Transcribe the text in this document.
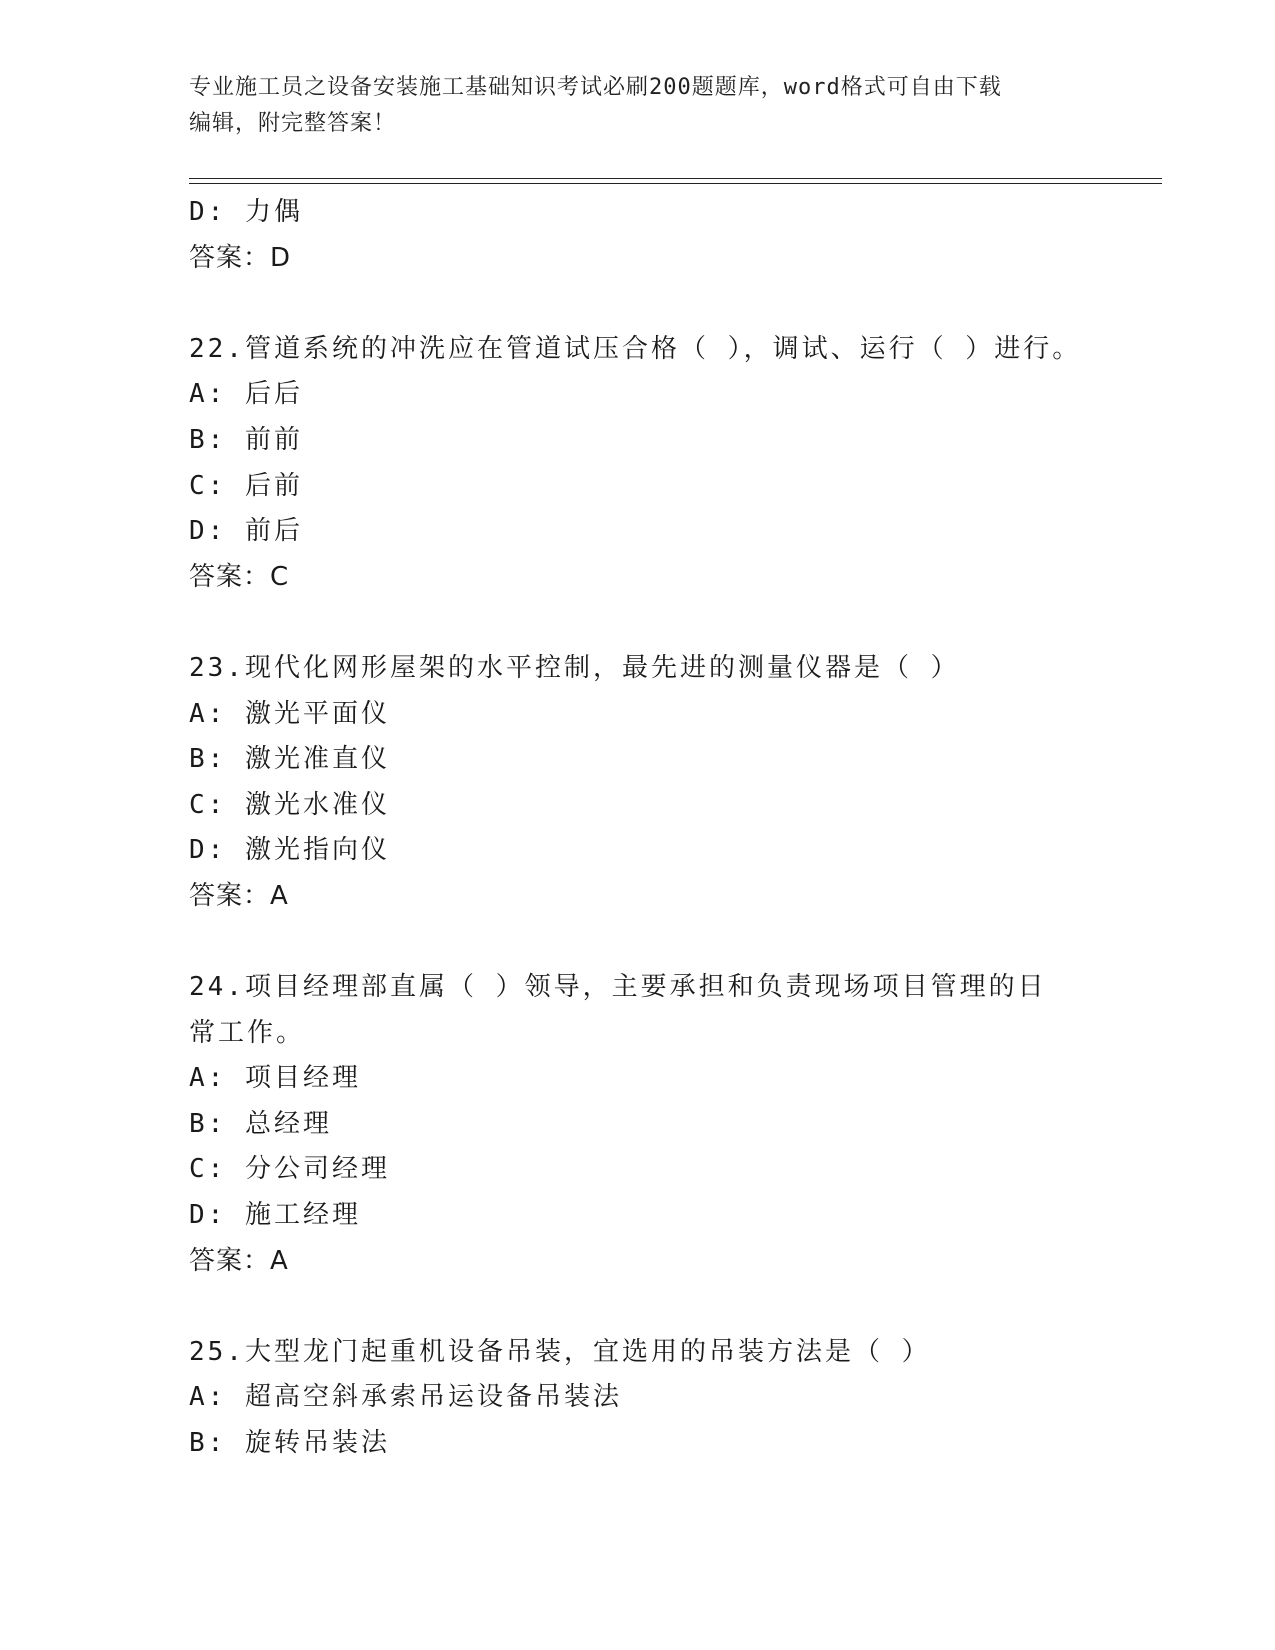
专业施工员之设备安装施工基础知识考试必刷200题题库，word格式可自由下载
编辑，附完整答案！
D: 力偶
答案：D
22.管道系统的冲洗应在管道试压合格（ ），调试、运行（ ）进行。
A: 后后
B: 前前
C: 后前
D: 前后
答案：C
23.现代化网形屋架的水平控制，最先进的测量仪器是（ ）
A: 激光平面仪
B: 激光准直仪
C: 激光水准仪
D: 激光指向仪
答案：A
24.项目经理部直属（ ）领导，主要承担和负责现场项目管理的日常工作。
A: 项目经理
B: 总经理
C: 分公司经理
D: 施工经理
答案：A
25.大型龙门起重机设备吊装，宜选用的吊装方法是（ ）
A: 超高空斜承索吊运设备吊装法
B: 旋转吊装法
